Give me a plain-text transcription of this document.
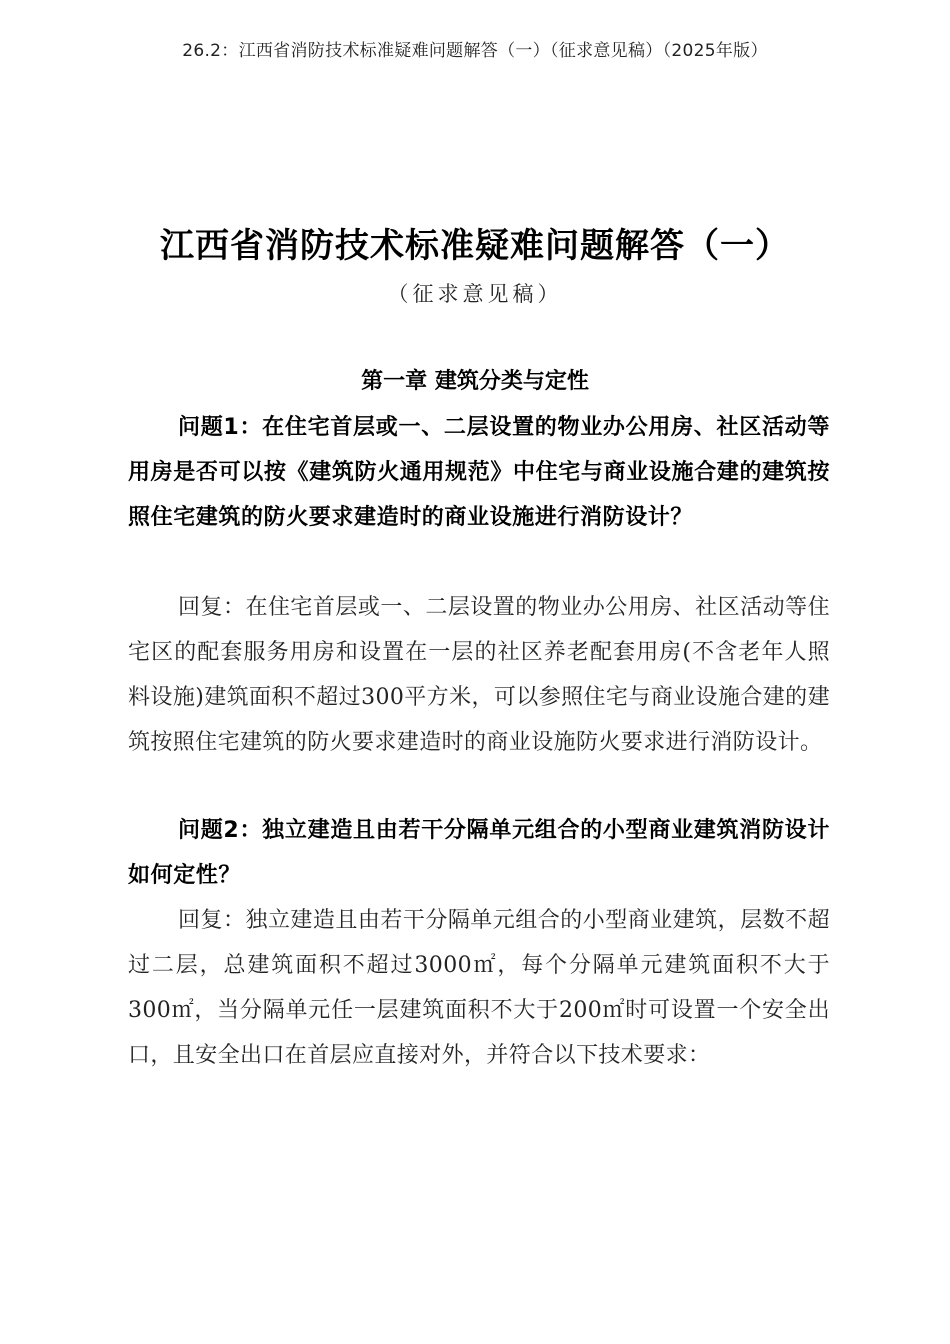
26.2：江西省消防技术标准疑难问题解答（一）（征求意见稿）（2025年版）
江西省消防技术标准疑难问题解答（一）
（征求意见稿）
第一章 建筑分类与定性

问题1：在住宅首层或一、二层设置的物业办公用房、社区活动等用房是否可以按《建筑防火通用规范》中住宅与商业设施合建的建筑按照住宅建筑的防火要求建造时的商业设施进行消防设计？

回复：在住宅首层或一、二层设置的物业办公用房、社区活动等住宅区的配套服务用房和设置在一层的社区养老配套用房(不含老年人照料设施)建筑面积不超过300平方米，可以参照住宅与商业设施合建的建筑按照住宅建筑的防火要求建造时的商业设施防火要求进行消防设计。

问题2：独立建造且由若干分隔单元组合的小型商业建筑消防设计如何定性？

回复：独立建造且由若干分隔单元组合的小型商业建筑，层数不超过二层，总建筑面积不超过3000㎡，每个分隔单元建筑面积不大于300㎡，当分隔单元任一层建筑面积不大于200㎡时可设置一个安全出口，且安全出口在首层应直接对外，并符合以下技术要求：
